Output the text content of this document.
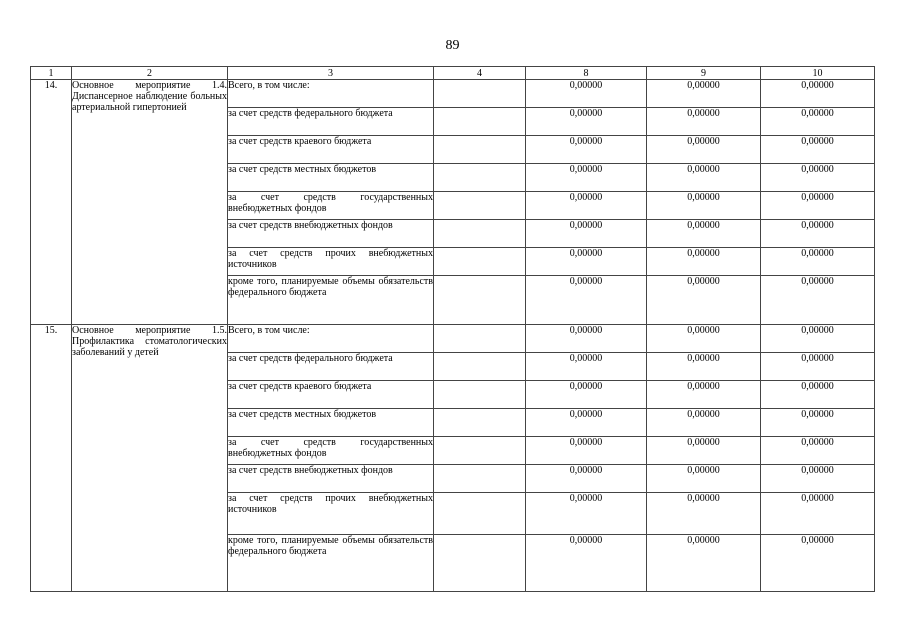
89
1	2	3	4	8	9	10
14.	Основное мероприятие 1.4. Диспансерное наблюдение больных артериальной гипертонией	Всего, в том числе:		0,00000	0,00000	0,00000
		за счет средств федерального бюджета		0,00000	0,00000	0,00000
		за счет средств краевого бюджета		0,00000	0,00000	0,00000
		за счет средств местных бюджетов		0,00000	0,00000	0,00000
		за счет средств государственных внебюджетных фондов		0,00000	0,00000	0,00000
		за счет средств внебюджетных фондов		0,00000	0,00000	0,00000
		за счет средств прочих внебюджетных источников		0,00000	0,00000	0,00000
		кроме того, планируемые объемы обязательств федерального бюджета		0,00000	0,00000	0,00000
15.	Основное мероприятие 1.5. Профилактика стоматологических заболеваний у детей	Всего, в том числе:		0,00000	0,00000	0,00000
		за счет средств федерального бюджета		0,00000	0,00000	0,00000
		за счет средств краевого бюджета		0,00000	0,00000	0,00000
		за счет средств местных бюджетов		0,00000	0,00000	0,00000
		за счет средств государственных внебюджетных фондов		0,00000	0,00000	0,00000
		за счет средств внебюджетных фондов		0,00000	0,00000	0,00000
		за счет средств прочих внебюджетных источников		0,00000	0,00000	0,00000
		кроме того, планируемые объемы обязательств федерального бюджета		0,00000	0,00000	0,00000
